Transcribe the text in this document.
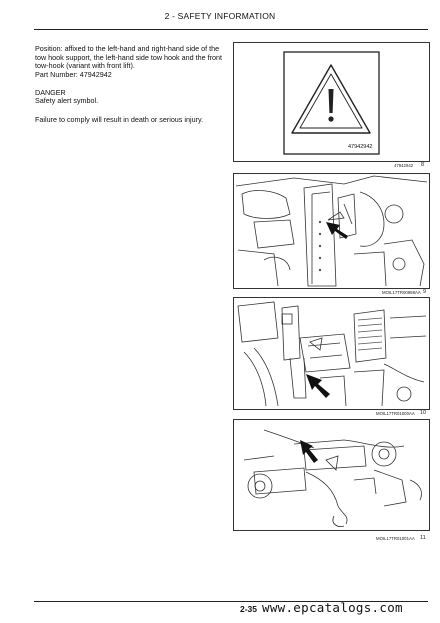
2 - SAFETY INFORMATION
Position: affixed to the left-hand and right-hand side of the tow hook support, the left-hand side tow hook and the front tow-hook (variant with front lift).
Part Number: 47942942
DANGER
Safety alert symbol.
Failure to comply will result in death or serious injury.
47942942
47942942 8
MOIL17TR00998AA 9
MOIL17TR01000AA 10
MOIL17TR01001AA 11
2-35 www.epcatalogs.com
